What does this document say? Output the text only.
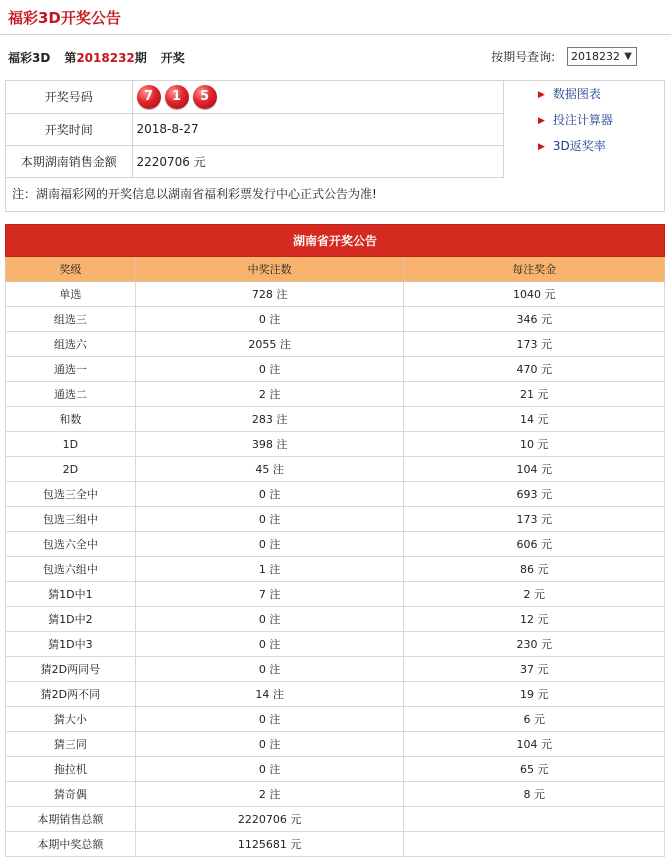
福彩3D开奖公告
福彩3D 第2018232期 开奖	按期号查询: 2018232 ▼
开奖号码	7 1 5
开奖时间	2018-8-27
本期湖南销售金额	2220706 元
▶ 数据图表
▶ 投注计算器
▶ 3D返奖率
注：湖南福彩网的开奖信息以湖南省福利彩票发行中心正式公告为准!
湖南省开奖公告		
奖级	中奖注数	每注奖金
单选	728 注	1040 元
组选三	0 注	346 元
组选六	2055 注	173 元
通选一	0 注	470 元
通选二	2 注	21 元
和数	283 注	14 元
1D	398 注	10 元
2D	45 注	104 元
包选三全中	0 注	693 元
包选三组中	0 注	173 元
包选六全中	0 注	606 元
包选六组中	1 注	86 元
猜1D中1	7 注	2 元
猜1D中2	0 注	12 元
猜1D中3	0 注	230 元
猜2D两同号	0 注	37 元
猜2D两不同	14 注	19 元
猜大小	0 注	6 元
猜三同	0 注	104 元
拖拉机	0 注	65 元
猜奇偶	2 注	8 元
本期销售总额	2220706 元	
本期中奖总额	1125681 元	
